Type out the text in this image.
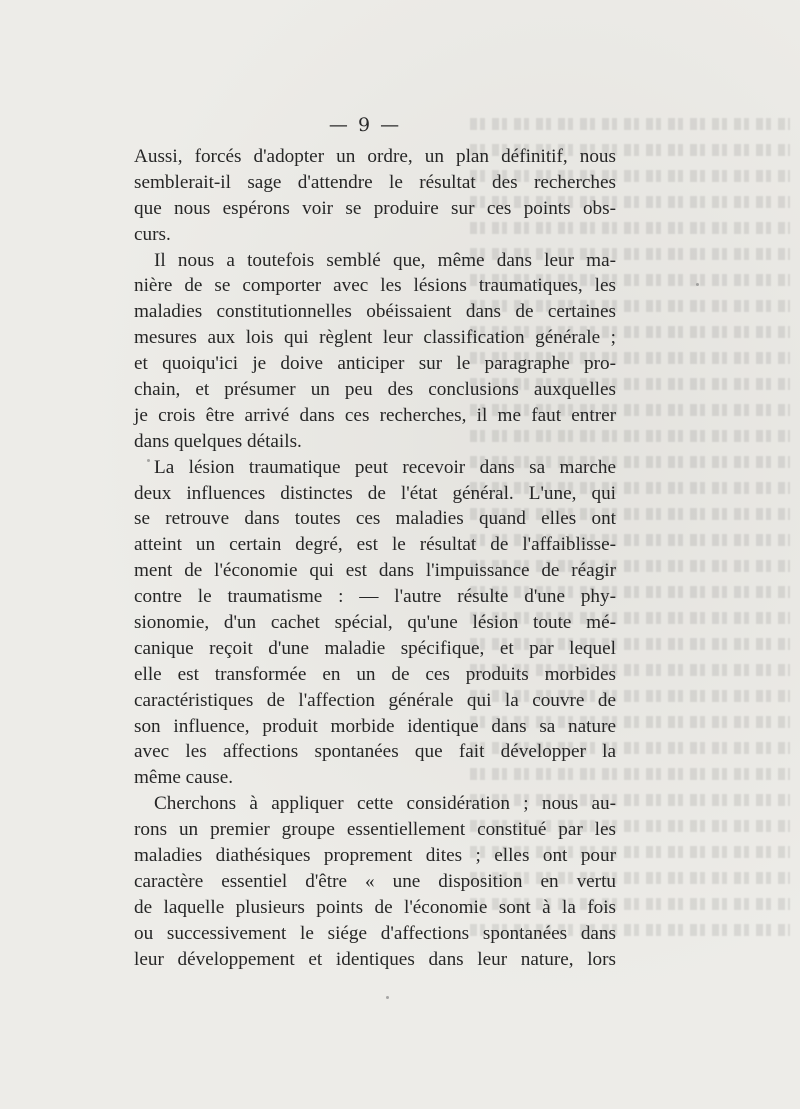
— 9 —
Aussi, forcés d'adopter un ordre, un plan définitif, nous
semblerait-il sage d'attendre le résultat des recherches
que nous espérons voir se produire sur ces points obs-
curs.
Il nous a toutefois semblé que, même dans leur ma-
nière de se comporter avec les lésions traumatiques, les
maladies constitutionnelles obéissaient dans de certaines
mesures aux lois qui règlent leur classification générale ;
et quoiqu'ici je doive anticiper sur le paragraphe pro-
chain, et présumer un peu des conclusions auxquelles
je crois être arrivé dans ces recherches, il me faut entrer
dans quelques détails.
La lésion traumatique peut recevoir dans sa marche
deux influences distinctes de l'état général. L'une, qui
se retrouve dans toutes ces maladies quand elles ont
atteint un certain degré, est le résultat de l'affaiblisse-
ment de l'économie qui est dans l'impuissance de réagir
contre le traumatisme : — l'autre résulte d'une phy-
sionomie, d'un cachet spécial, qu'une lésion toute mé-
canique reçoit d'une maladie spécifique, et par lequel
elle est transformée en un de ces produits morbides
caractéristiques de l'affection générale qui la couvre de
son influence, produit morbide identique dans sa nature
avec les affections spontanées que fait développer la
même cause.
Cherchons à appliquer cette considération ; nous au-
rons un premier groupe essentiellement constitué par les
maladies diathésiques proprement dites ; elles ont pour
caractère essentiel d'être « une disposition en vertu
de laquelle plusieurs points de l'économie sont à la fois
ou successivement le siége d'affections spontanées dans
leur développement et identiques dans leur nature, lors
